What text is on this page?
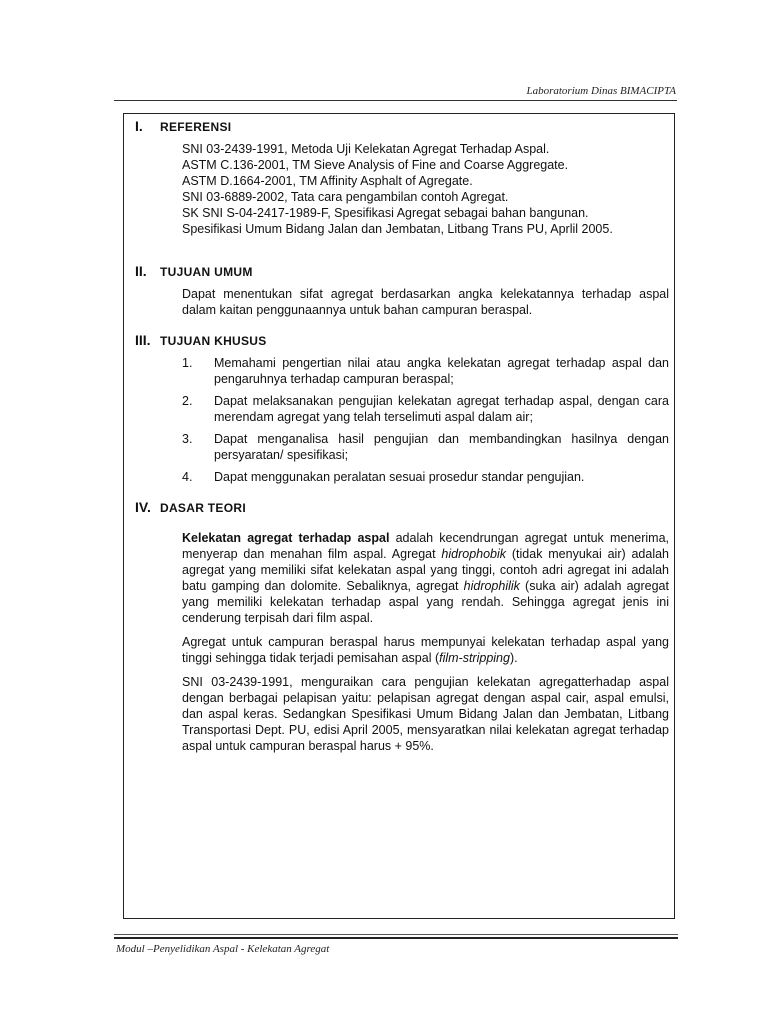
Laboratorium Dinas BIMACIPTA
I. REFERENSI
SNI 03-2439-1991, Metoda Uji Kelekatan Agregat Terhadap Aspal.
ASTM C.136-2001, TM Sieve Analysis of Fine and Coarse Aggregate.
ASTM D.1664-2001, TM Affinity Asphalt of Agregate.
SNI 03-6889-2002, Tata cara pengambilan contoh Agregat.
SK SNI S-04-2417-1989-F, Spesifikasi Agregat sebagai bahan bangunan.
Spesifikasi Umum Bidang Jalan dan Jembatan, Litbang Trans PU, Aprlil 2005.
II. TUJUAN UMUM

Dapat menentukan sifat agregat berdasarkan angka kelekatannya terhadap aspal dalam kaitan penggunaannya untuk bahan campuran beraspal.

III. TUJUAN KHUSUS
1. Memahami pengertian nilai atau angka kelekatan agregat terhadap aspal dan pengaruhnya terhadap campuran beraspal;
2. Dapat melaksanakan pengujian kelekatan agregat terhadap aspal, dengan cara merendam agregat yang telah terselimuti aspal dalam air;
3. Dapat menganalisa hasil pengujian dan membandingkan hasilnya dengan persyaratan/ spesifikasi;
4. Dapat menggunakan peralatan sesuai prosedur standar pengujian.
IV. DASAR TEORI

Kelekatan agregat terhadap aspal adalah kecendrungan agregat untuk menerima, menyerap dan menahan film aspal. Agregat hidrophobik (tidak menyukai air) adalah agregat yang memiliki sifat kelekatan aspal yang tinggi, contoh adri agregat ini adalah batu gamping dan dolomite. Sebaliknya, agregat hidrophilik (suka air) adalah agregat yang memiliki kelekatan terhadap aspal yang rendah. Sehingga agregat jenis ini cenderung terpisah dari film aspal.

Agregat untuk campuran beraspal harus mempunyai kelekatan terhadap aspal yang tinggi sehingga tidak terjadi pemisahan aspal (film-stripping).

SNI 03-2439-1991, menguraikan cara pengujian kelekatan agregatterhadap aspal dengan berbagai pelapisan yaitu: pelapisan agregat dengan aspal cair, aspal emulsi, dan aspal keras. Sedangkan Spesifikasi Umum Bidang Jalan dan Jembatan, Litbang Transportasi Dept. PU, edisi April 2005, mensyaratkan nilai kelekatan agregat terhadap aspal untuk campuran beraspal harus + 95%.

Modul –Penyelidikan Aspal - Kelekatan Agregat
